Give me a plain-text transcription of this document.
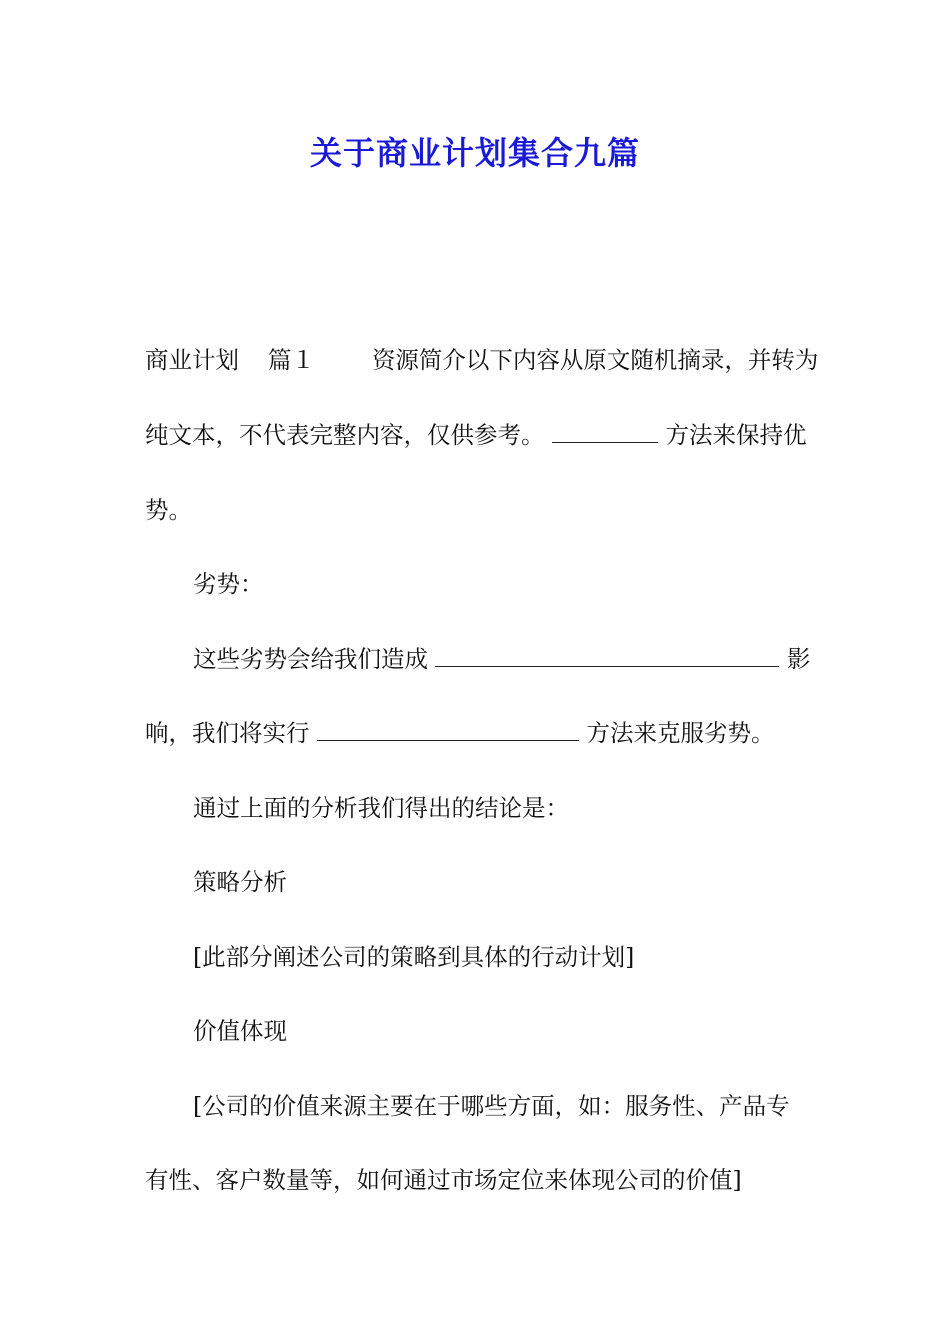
关于商业计划集合九篇
商业计划 篇１ 资源简介以下内容从原文随机摘录，并转为
纯文本，不代表完整内容，仅供参考。	方法来保持优
势。
劣势：
这些劣势会给我们造成	影
响，我们将实行	方法来克服劣势。
通过上面的分析我们得出的结论是：
策略分析
[此部分阐述公司的策略到具体的行动计划]
价值体现
[公司的价值来源主要在于哪些方面，如：服务性、产品专
有性、客户数量等，如何通过市场定位来体现公司的价值]
